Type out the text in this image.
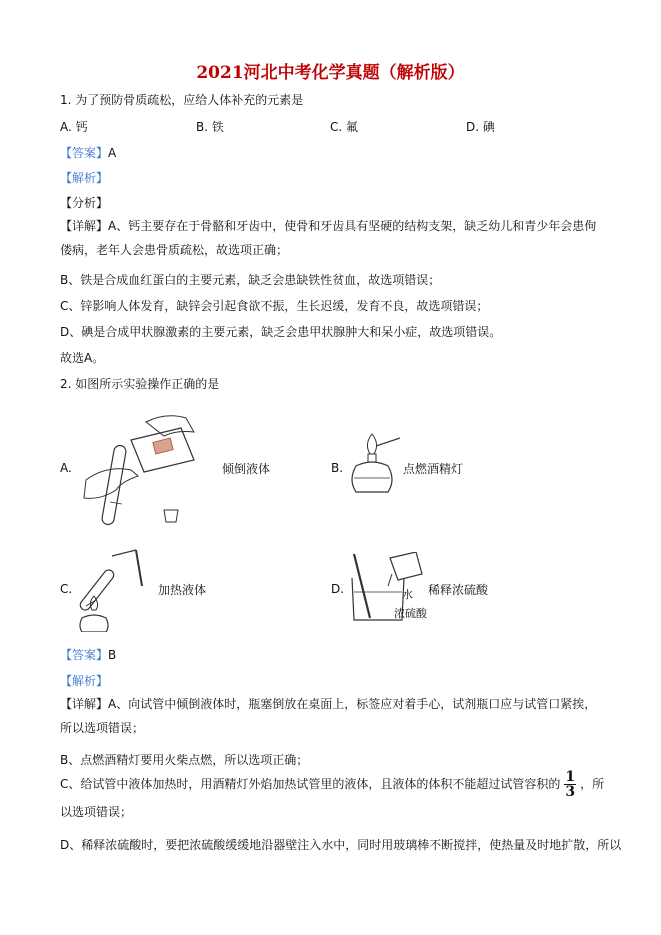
2021河北中考化学真题（解析版）
1. 为了预防骨质疏松，应给人体补充的元素是
A. 钙	B. 铁	C. 氟	D. 碘
【答案】A
【解析】
【分析】
【详解】A、钙主要存在于骨骼和牙齿中，使骨和牙齿具有坚硬的结构支架，缺乏幼儿和青少年会患佝偻病，老年人会患骨质疏松，故选项正确；
B、铁是合成血红蛋白的主要元素，缺乏会患缺铁性贫血，故选项错误；
C、锌影响人体发育，缺锌会引起食欲不振，生长迟缓，发育不良，故选项错误；
D、碘是合成甲状腺激素的主要元素，缺乏会患甲状腺肿大和呆小症，故选项错误。
故选A。
2. 如图所示实验操作正确的是
A.	倾倒液体	B.	点燃酒精灯
C.	加热液体	D.	水
浓硫酸
稀释浓硫酸
【答案】B
【解析】
【详解】A、向试管中倾倒液体时，瓶塞倒放在桌面上，标签应对着手心，试剂瓶口应与试管口紧挨，所以选项错误；
B、点燃酒精灯要用火柴点燃，所以选项正确；
C、给试管中液体加热时，用酒精灯外焰加热试管里的液体，且液体的体积不能超过试管容积的 $\frac{1}{3}$ ，所以选项错误；
D、稀释浓硫酸时，要把浓硫酸缓缓地沿器壁注入水中，同时用玻璃棒不断搅拌，使热量及时地扩散，所以
